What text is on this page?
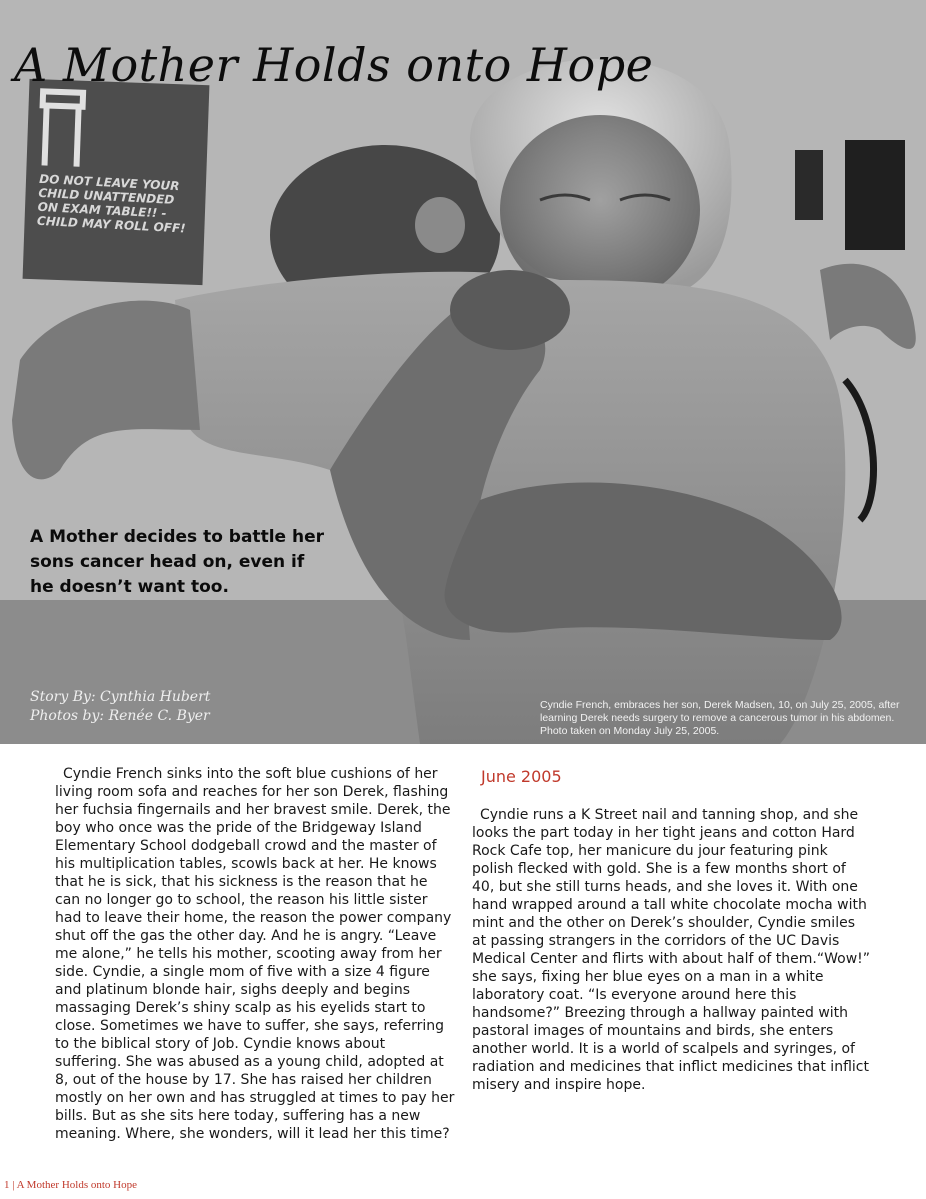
A Mother Holds onto Hope
DO NOT LEAVE YOUR CHILD UNATTENDED ON EXAM TABLE!! - CHILD MAY ROLL OFF!
A Mother decides to battle her sons cancer head on, even if he doesn’t want too.
Story By: Cynthia Hubert
Photos by: Renée C. Byer
Cyndie French, embraces her son, Derek Madsen, 10, on July 25, 2005, after learning Derek needs surgery to remove a cancerous tumor in his abdomen. Photo taken on Monday July 25, 2005.

Cyndie French sinks into the soft blue cushions of her living room sofa and reaches for her son Derek, flashing her fuchsia fingernails and her bravest smile. Derek, the boy who once was the pride of the Bridgeway Island Elementary School dodgeball crowd and the master of his multiplication tables, scowls back at her. He knows that he is sick, that his sickness is the reason that he can no longer go to school, the reason his little sister had to leave their home, the reason the power company shut off the gas the other day. And he is angry. “Leave me alone,” he tells his mother, scooting away from her side. Cyndie, a single mom of five with a size 4 figure and platinum blonde hair, sighs deeply and begins massaging Derek’s shiny scalp as his eyelids start to close. Sometimes we have to suffer, she says, referring to the biblical story of Job. Cyndie knows about suffering. She was abused as a young child, adopted at 8, out of the house by 17. She has raised her children mostly on her own and has struggled at times to pay her bills. But as she sits here today, suffering has a new meaning. Where, she wonders, will it lead her this time?

June 2005

Cyndie runs a K Street nail and tanning shop, and she looks the part today in her tight jeans and cotton Hard Rock Cafe top, her manicure du jour featuring pink polish flecked with gold. She is a few months short of 40, but she still turns heads, and she loves it. With one hand wrapped around a tall white chocolate mocha with mint and the other on Derek’s shoulder, Cyndie smiles at passing strangers in the corridors of the UC Davis Medical Center and flirts with about half of them.“Wow!” she says, fixing her blue eyes on a man in a white laboratory coat. “Is everyone around here this handsome?” Breezing through a hallway painted with pastoral images of mountains and birds, she enters another world. It is a world of scalpels and syringes, of radiation and medicines that inflict medicines that inflict misery and inspire hope.

1 | A Mother Holds onto Hope
